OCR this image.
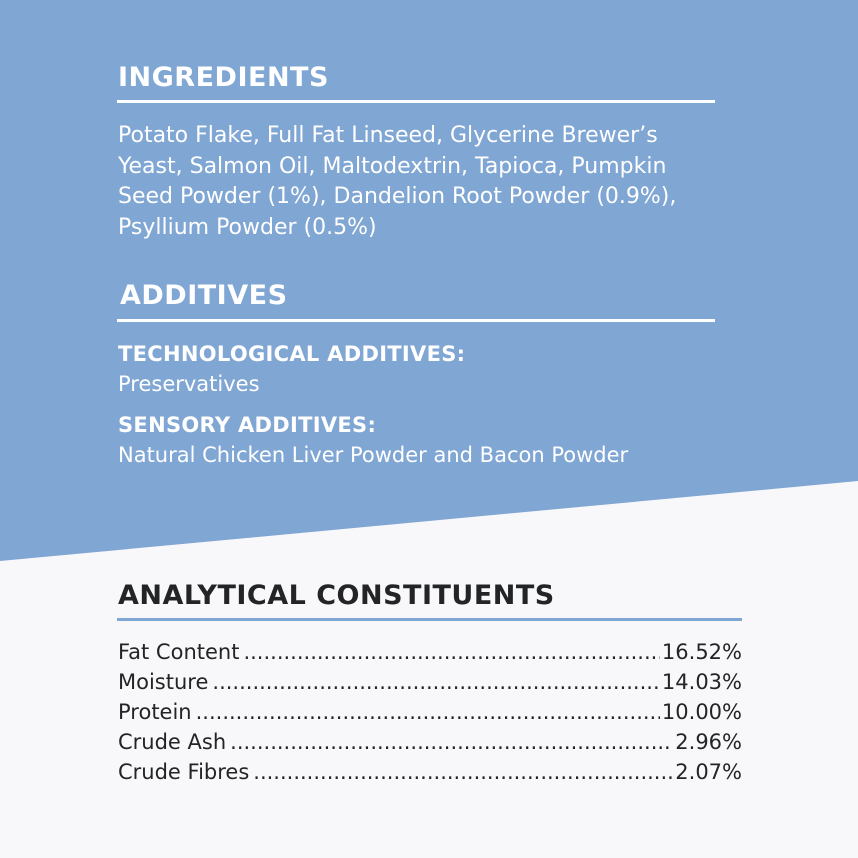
INGREDIENTS

Potato Flake, Full Fat Linseed, Glycerine Brewer’s

Yeast, Salmon Oil, Maltodextrin, Tapioca, Pumpkin

Seed Powder (1%), Dandelion Root Powder (0.9%),

Psyllium Powder (0.5%)

ADDITIVES

TECHNOLOGICAL ADDITIVES:

Preservatives

SENSORY ADDITIVES:

Natural Chicken Liver Powder and Bacon Powder

ANALYTICAL CONSTITUENTS
Fat Content .....	16.52%
Moisture .....	14.03%
Protein .....	10.00%
Crude Ash .....	2.96%
Crude Fibres .....	2.07%
